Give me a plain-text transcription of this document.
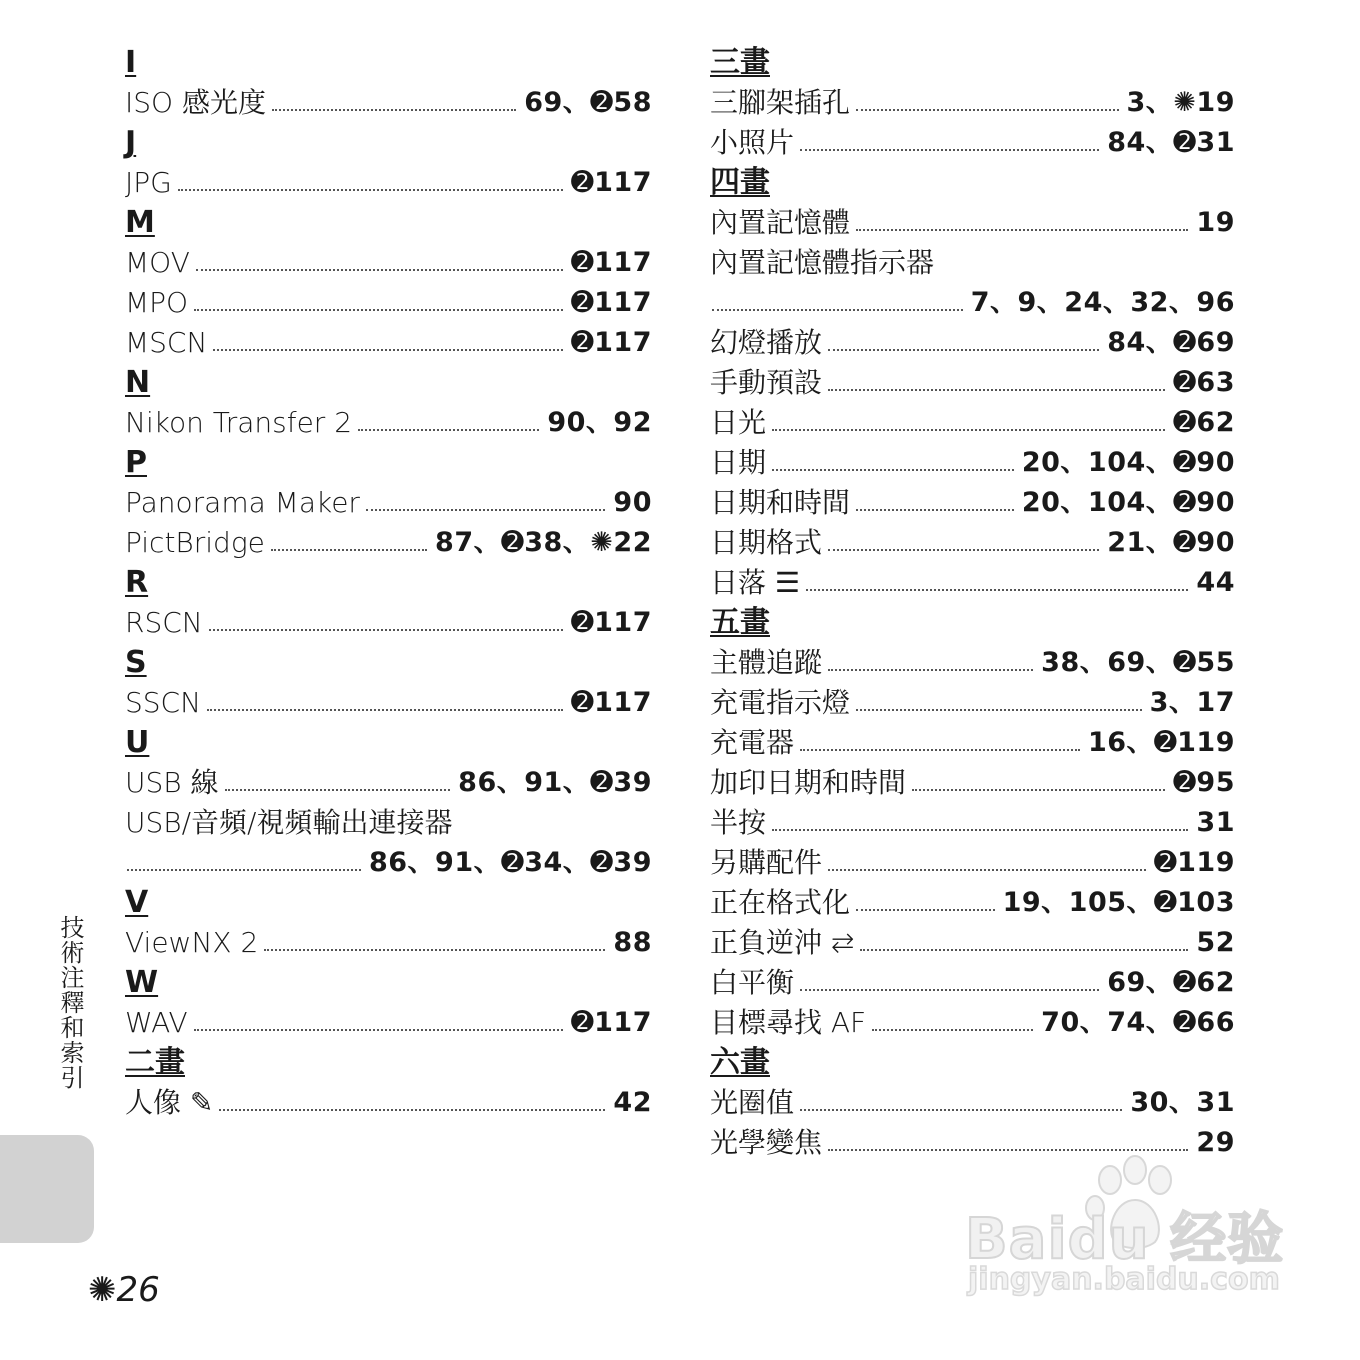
I
ISO 感光度	69、➋58
J
JPG	➋117
M
MOV	➋117
MPO	➋117
MSCN	➋117
N
Nikon Transfer 2	90、92
P
Panorama Maker	90
PictBridge	87、➋38、✺22
R
RSCN	➋117
S
SSCN	➋117
U
USB 線	86、91、➋39
USB/音頻/視頻輸出連接器
86、91、➋34、➋39
V
ViewNX 2	88
W
WAV	➋117
二畫
人像 ✎	42
三畫
三腳架插孔	3、✺19
小照片	84、➋31
四畫
內置記憶體	19
內置記憶體指示器
7、9、24、32、96
幻燈播放	84、➋69
手動預設	➋63
日光	➋62
日期	20、104、➋90
日期和時間	20、104、➋90
日期格式	21、➋90
日落 ☰	44
五畫
主體追蹤	38、69、➋55
充電指示燈	3、17
充電器	16、➋119
加印日期和時間	➋95
半按	31
另購配件	➋119
正在格式化	19、105、➋103
正負逆沖 ⇄	52
白平衡	69、➋62
目標尋找 AF	70、74、➋66
六畫
光圈值	30、31
光學變焦	29
技術注釋和索引
✺26
Baidu 经验
jingyan.baidu.com
